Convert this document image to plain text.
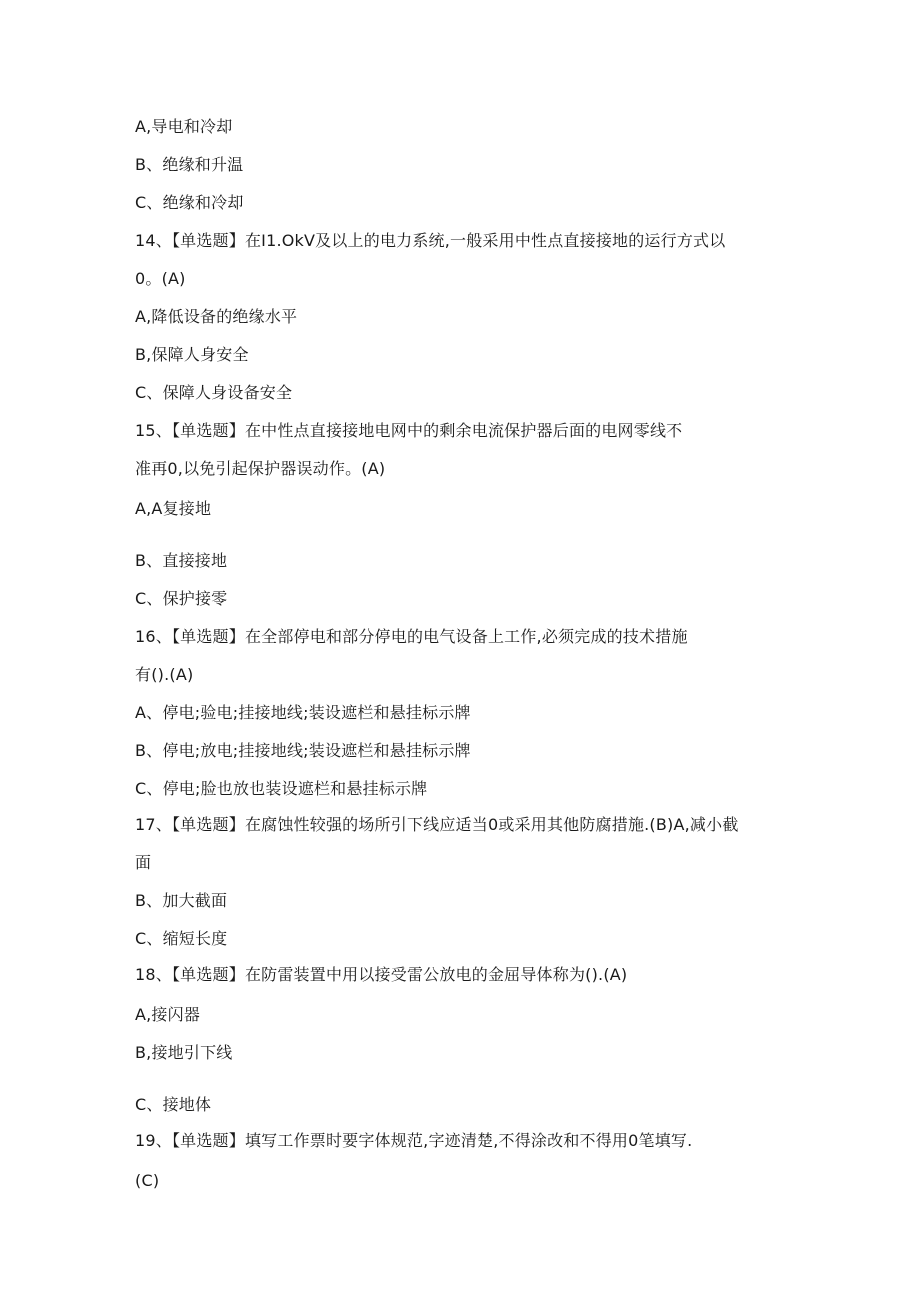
A,导电和冷却
B、绝缘和升温
C、绝缘和冷却
14、【单选题】在I1.OkV及以上的电力系统,一般采用中性点直接接地的运行方式以
0。(A)
A,降低设备的绝缘水平
B,保障人身安全
C、保障人身设备安全
15、【单选题】在中性点直接接地电网中的剩余电流保护器后面的电网零线不
准再0,以免引起保护器误动作。(A)
A,A复接地
B、直接接地
C、保护接零
16、【单选题】在全部停电和部分停电的电气设备上工作,必须完成的技术措施
有().(A)
A、停电;验电;挂接地线;装设遮栏和悬挂标示牌
B、停电;放电;挂接地线;装设遮栏和悬挂标示牌
C、停电;脸也放也装设遮栏和悬挂标示牌
17、【单选题】在腐蚀性较强的场所引下线应适当0或采用其他防腐措施.(B)A,减小截
面
B、加大截面
C、缩短长度
18、【单选题】在防雷装置中用以接受雷公放电的金屈导体称为().(A)
A,接闪器
B,接地引下线
C、接地体
19、【单选题】填写工作票时要字体规范,字迹清楚,不得涂改和不得用0笔填写.
(C)
